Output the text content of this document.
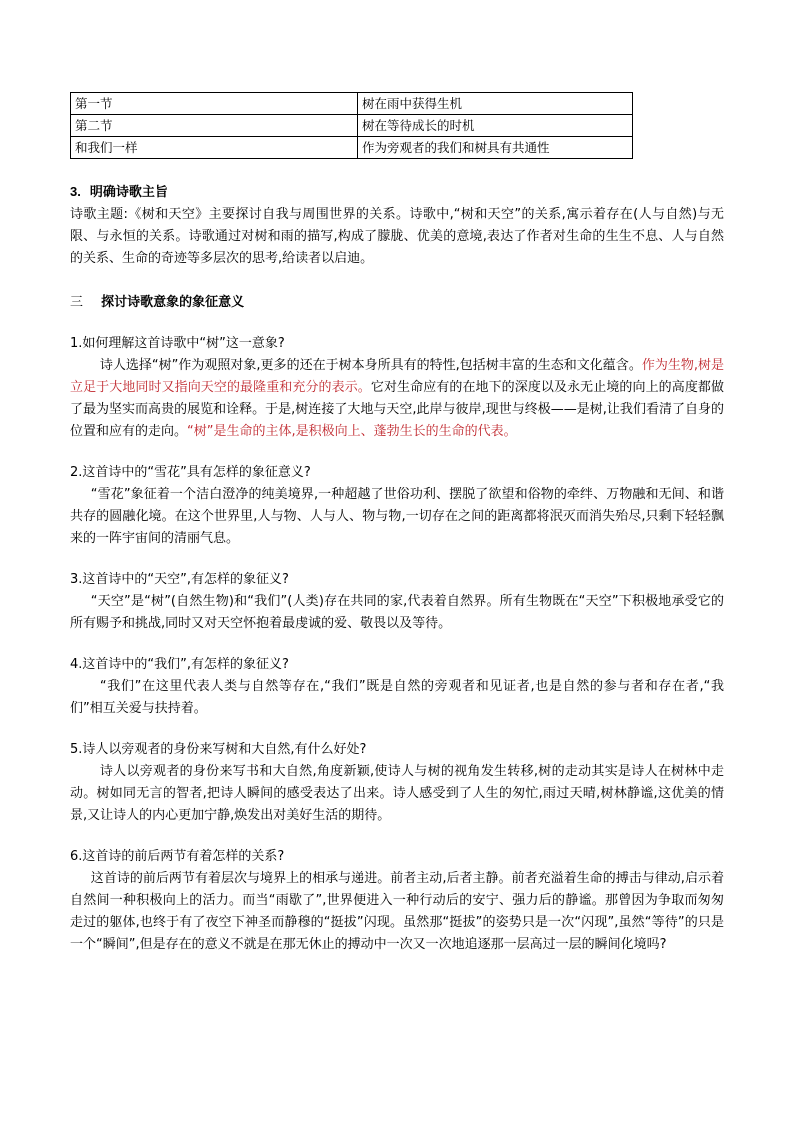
第一节	树在雨中获得生机
第二节	树在等待成长的时机
和我们一样	作为旁观者的我们和树具有共通性
3. 明确诗歌主旨

诗歌主题:《树和天空》主要探讨自我与周围世界的关系。诗歌中,“树和天空”的关系,寓示着存在(人与自然)与无限、与永恒的关系。诗歌通过对树和雨的描写,构成了朦胧、优美的意境,表达了作者对生命的生生不息、人与自然的关系、生命的奇迹等多层次的思考,给读者以启迪。

三 探讨诗歌意象的象征意义

1.如何理解这首诗歌中“树”这一意象?

诗人选择“树”作为观照对象,更多的还在于树本身所具有的特性,包括树丰富的生态和文化蕴含。作为生物,树是立足于大地同时又指向天空的最隆重和充分的表示。它对生命应有的在地下的深度以及永无止境的向上的高度都做了最为坚实而高贵的展览和诠释。于是,树连接了大地与天空,此岸与彼岸,现世与终极——是树,让我们看清了自身的位置和应有的走向。“树”是生命的主体,是积极向上、蓬勃生长的生命的代表。

2.这首诗中的“雪花”具有怎样的象征意义?

“雪花”象征着一个洁白澄净的纯美境界,一种超越了世俗功利、摆脱了欲望和俗物的牵绊、万物融和无间、和谐共存的圆融化境。在这个世界里,人与物、人与人、物与物,一切存在之间的距离都将泯灭而消失殆尽,只剩下轻轻飘来的一阵宇宙间的清丽气息。

3.这首诗中的“天空”,有怎样的象征义?

“天空”是“树”(自然生物)和“我们”(人类)存在共同的家,代表着自然界。所有生物既在“天空”下积极地承受它的所有赐予和挑战,同时又对天空怀抱着最虔诚的爱、敬畏以及等待。

4.这首诗中的“我们”,有怎样的象征义?

“我们”在这里代表人类与自然等存在,“我们”既是自然的旁观者和见证者,也是自然的参与者和存在者,“我们”相互关爱与扶持着。

5.诗人以旁观者的身份来写树和大自然,有什么好处?

诗人以旁观者的身份来写书和大自然,角度新颖,使诗人与树的视角发生转移,树的走动其实是诗人在树林中走动。树如同无言的智者,把诗人瞬间的感受表达了出来。诗人感受到了人生的匆忙,雨过天晴,树林静谧,这优美的情景,又让诗人的内心更加宁静,焕发出对美好生活的期待。

6.这首诗的前后两节有着怎样的关系?

这首诗的前后两节有着层次与境界上的相承与递进。前者主动,后者主静。前者充溢着生命的搏击与律动,启示着自然间一种积极向上的活力。而当“雨歇了”,世界便进入一种行动后的安宁、强力后的静谧。那曾因为争取而匆匆走过的躯体,也终于有了夜空下神圣而静穆的“挺拔”闪现。虽然那“挺拔”的姿势只是一次“闪现”,虽然“等待”的只是一个“瞬间”,但是存在的意义不就是在那无休止的搏动中一次又一次地追逐那一层高过一层的瞬间化境吗?
